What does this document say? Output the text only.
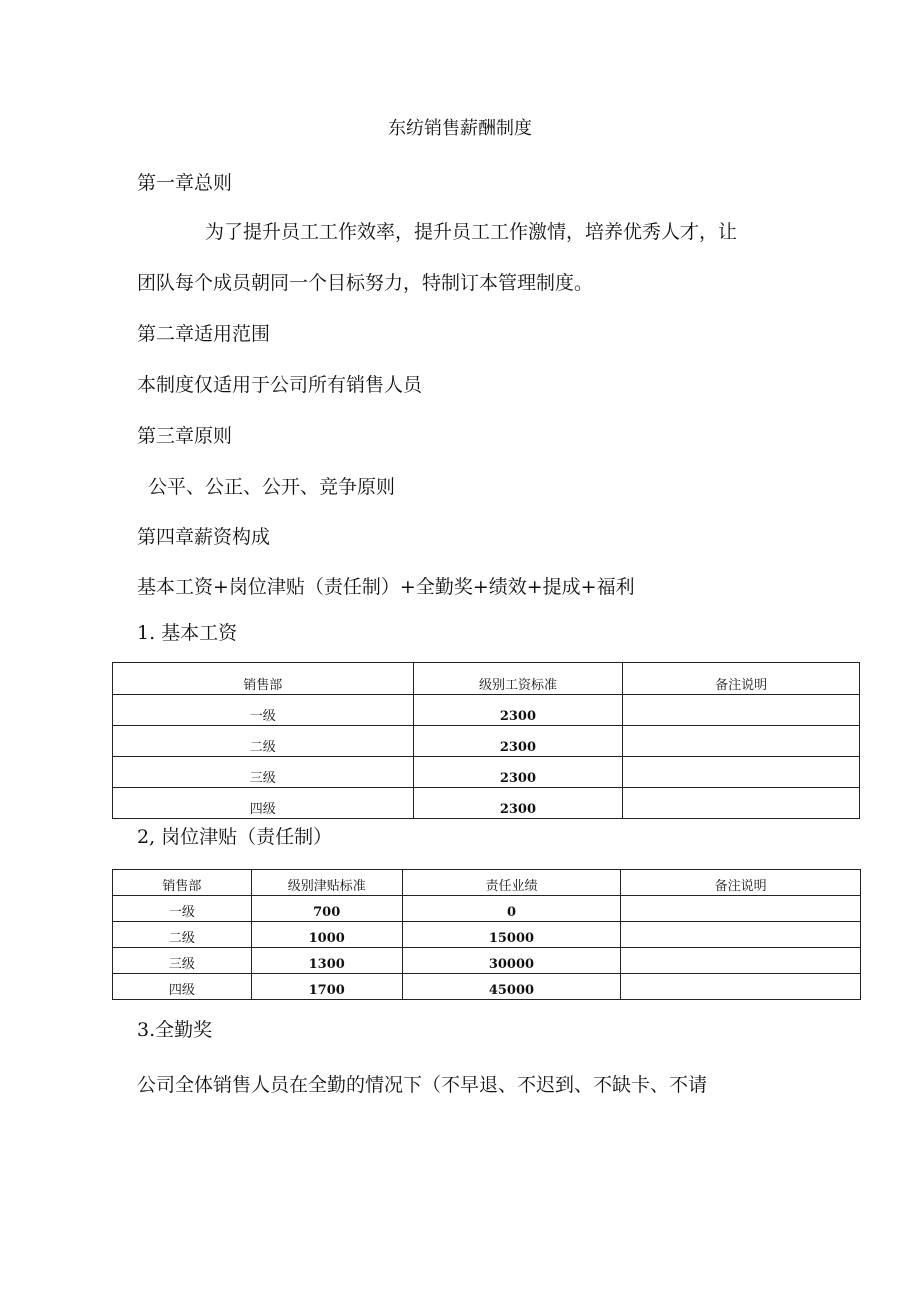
东纺销售薪酬制度
第一章总则
为了提升员工工作效率，提升员工工作激情，培养优秀人才，让
团队每个成员朝同一个目标努力，特制订本管理制度。
第二章适用范围
本制度仅适用于公司所有销售人员
第三章原则
公平、公正、公开、竞争原则
第四章薪资构成
基本工资+岗位津贴（责任制）+全勤奖+绩效+提成+福利
1. 基本工资
销售部	级别工资标准	备注说明
一级	2300	
二级	2300	
三级	2300	
四级	2300	
2, 岗位津贴（责任制）
销售部	级别津贴标准	责任业绩	备注说明
一级	700	0	
二级	1000	15000	
三级	1300	30000	
四级	1700	45000	
3.全勤奖
公司全体销售人员在全勤的情况下（不早退、不迟到、不缺卡、不请
